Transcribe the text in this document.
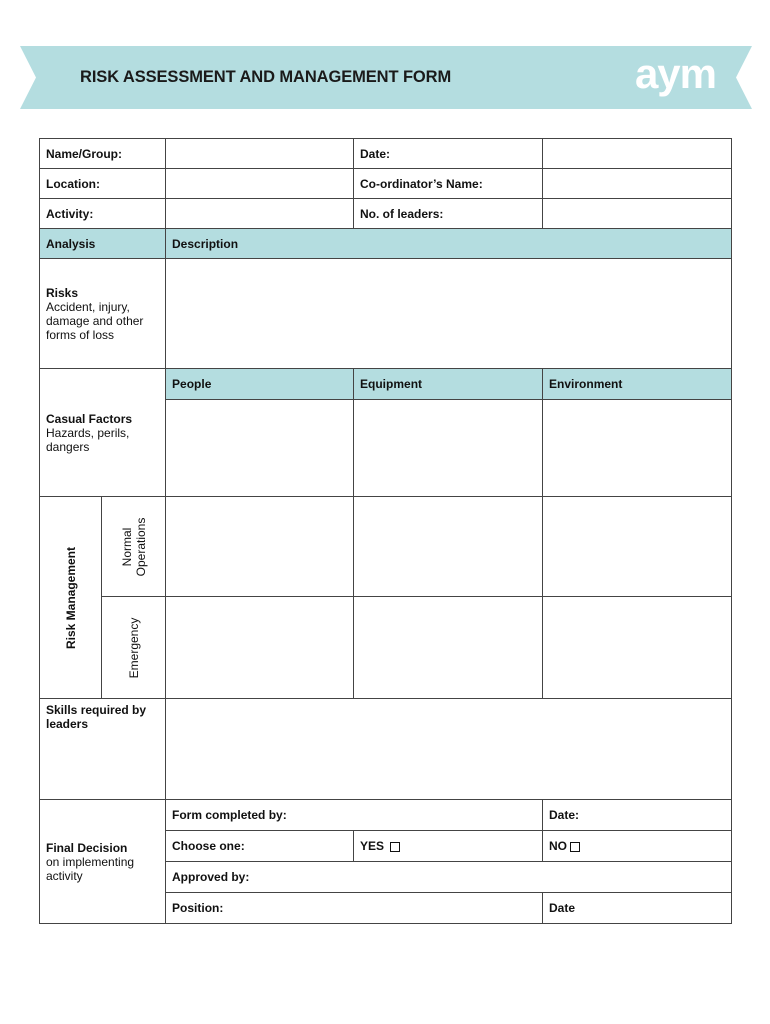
RISK ASSESSMENT AND MANAGEMENT FORM	aym
Name/Group:			Date:	
Location:			Co-ordinator’s Name:	
Activity:			No. of leaders:	
Analysis		Description		
Risks
Accident, injury, damage and other forms of loss				

Casual Factors
Hazards, perils, dangers		People	Equipment	Environment

Risk Management	Normal Operations			

	Emergency			

Skills required by leaders				
Final Decision
on implementing activity		Form completed by:		Date:
		Choose one:	YES	NO
		Approved by:		
		Position:		Date
